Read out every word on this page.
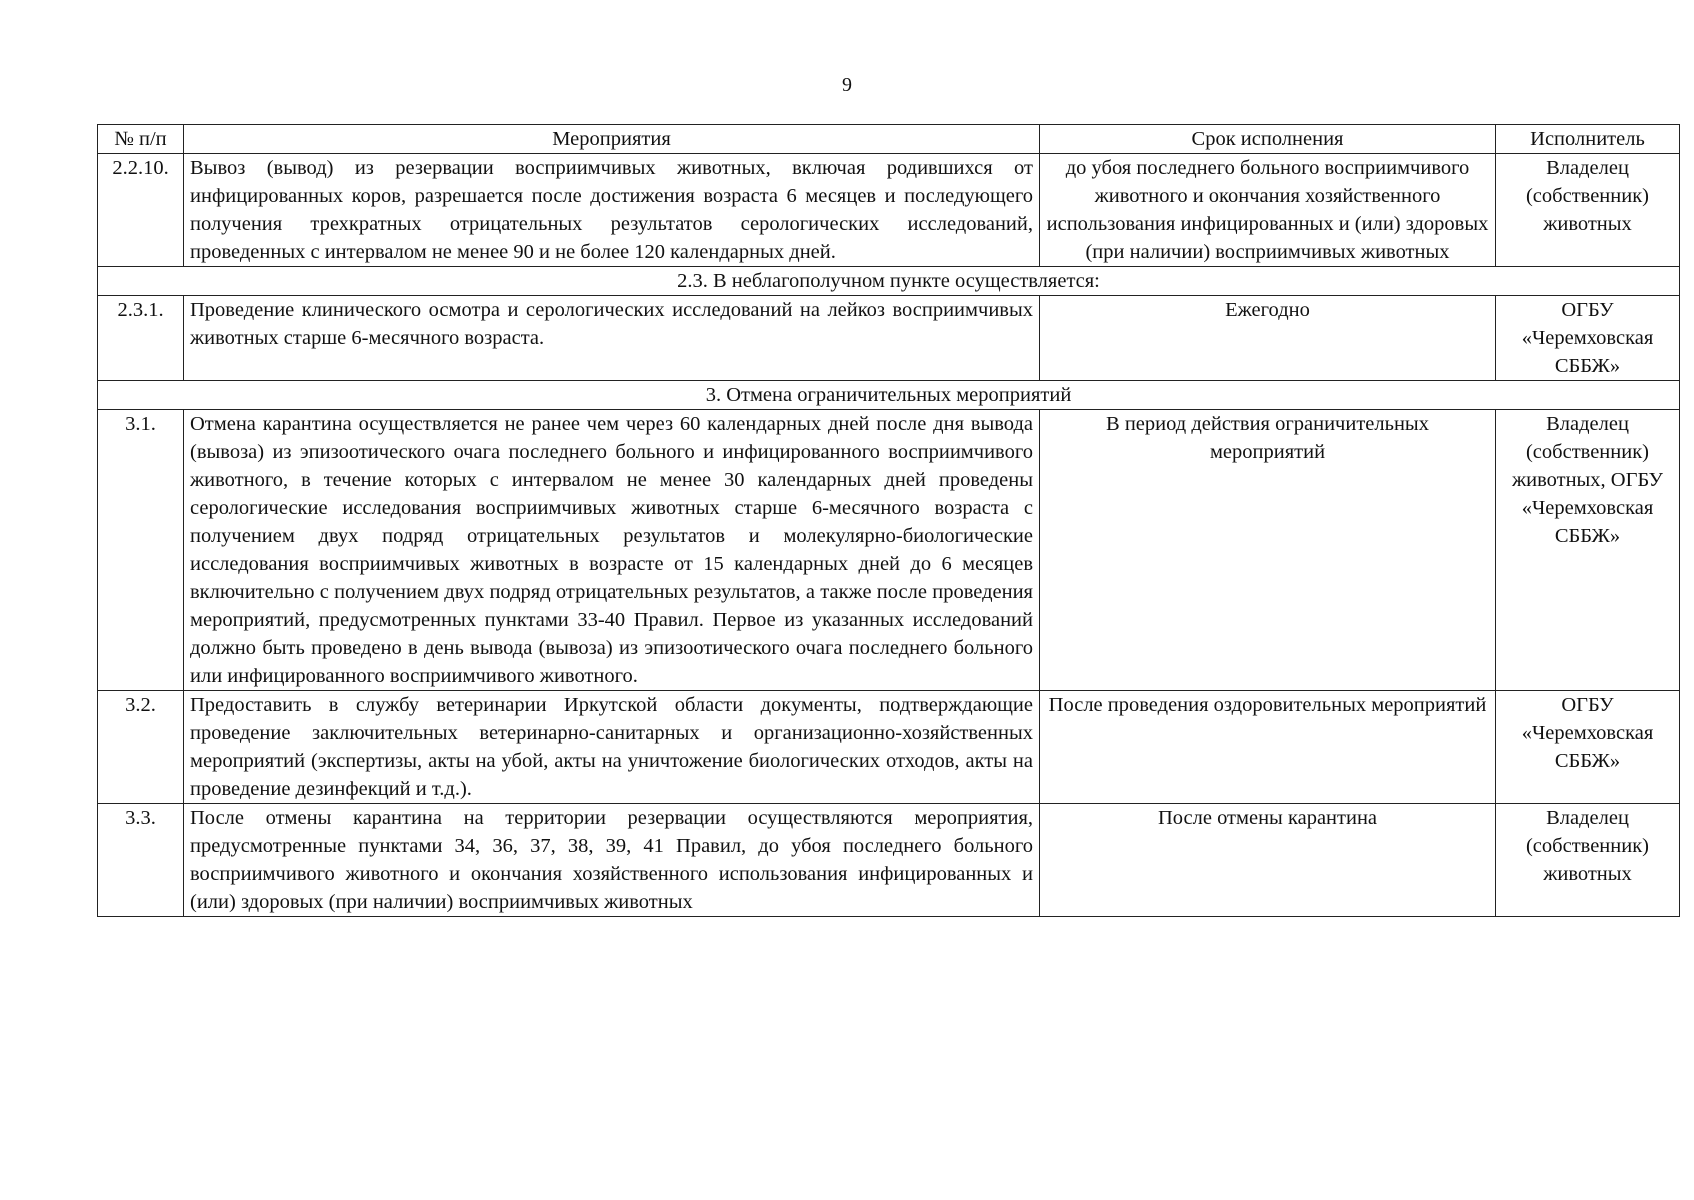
9
№ п/п	Мероприятия	Срок исполнения	Исполнитель
2.2.10.	Вывоз (вывод) из резервации восприимчивых животных, включая родившихся от инфицированных коров, разрешается после достижения возраста 6 месяцев и последующего получения трехкратных отрицательных результатов серологических исследований, проведенных с интервалом не менее 90 и не более 120 календарных дней.	до убоя последнего больного восприимчивого животного и окончания хозяйственного использования инфицированных и (или) здоровых (при наличии) восприимчивых животных	Владелец (собственник) животных
2.3. В неблагополучном пункте осуществляется:			
2.3.1.	Проведение клинического осмотра и серологических исследований на лейкоз восприимчивых животных старше 6-месячного возраста.	Ежегодно	ОГБУ «Черемховская СББЖ»
3. Отмена ограничительных мероприятий			
3.1.	Отмена карантина осуществляется не ранее чем через 60 календарных дней после дня вывода (вывоза) из эпизоотического очага последнего больного и инфицированного восприимчивого животного, в течение которых с интервалом не менее 30 календарных дней проведены серологические исследования восприимчивых животных старше 6-месячного возраста с получением двух подряд отрицательных результатов и молекулярно-биологические исследования восприимчивых животных в возрасте от 15 календарных дней до 6 месяцев включительно с получением двух подряд отрицательных результатов, а также после проведения мероприятий, предусмотренных пунктами 33-40 Правил. Первое из указанных исследований должно быть проведено в день вывода (вывоза) из эпизоотического очага последнего больного или инфицированного восприимчивого животного.	В период действия ограничительных мероприятий	Владелец (собственник) животных, ОГБУ «Черемховская СББЖ»
3.2.	Предоставить в службу ветеринарии Иркутской области документы, подтверждающие проведение заключительных ветеринарно-санитарных и организационно-хозяйственных мероприятий (экспертизы, акты на убой, акты на уничтожение биологических отходов, акты на проведение дезинфекций и т.д.).	После проведения оздоровительных мероприятий	ОГБУ «Черемховская СББЖ»
3.3.	После отмены карантина на территории резервации осуществляются мероприятия, предусмотренные пунктами 34, 36, 37, 38, 39, 41 Правил, до убоя последнего больного восприимчивого животного и окончания хозяйственного использования инфицированных и (или) здоровых (при наличии) восприимчивых животных	После отмены карантина	Владелец (собственник) животных
